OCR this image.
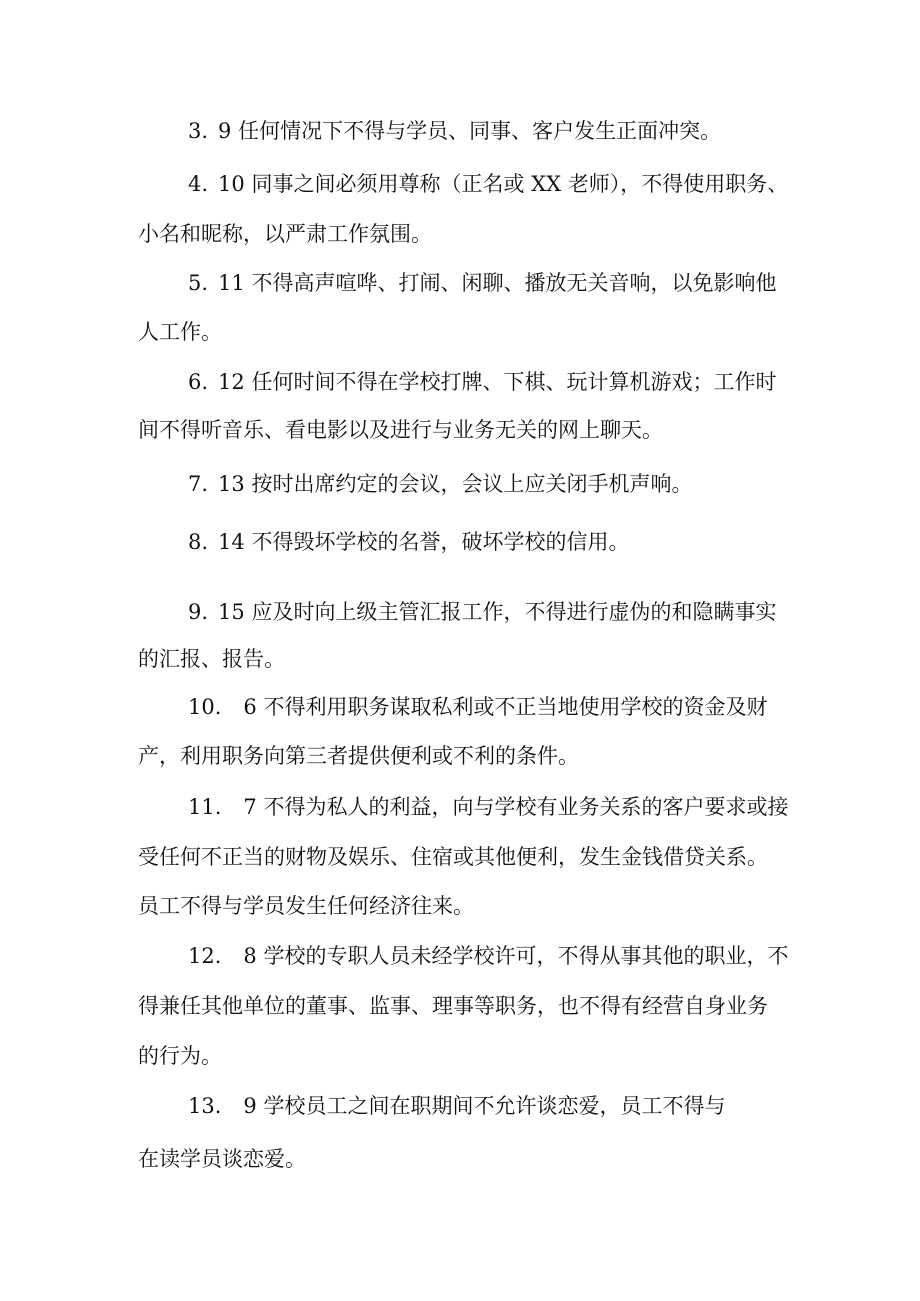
3. 9 任何情况下不得与学员、同事、客户发生正面冲突。
4. 10 同事之间必须用尊称（正名或 XX 老师），不得使用职务、
小名和昵称，以严肃工作氛围。
5. 11 不得高声喧哗、打闹、闲聊、播放无关音响，以免影响他
人工作。
6. 12 任何时间不得在学校打牌、下棋、玩计算机游戏；工作时
间不得听音乐、看电影以及进行与业务无关的网上聊天。
7. 13 按时出席约定的会议，会议上应关闭手机声响。
8. 14 不得毁坏学校的名誉，破坏学校的信用。
9. 15 应及时向上级主管汇报工作，不得进行虚伪的和隐瞒事实
的汇报、报告。
10. 6 不得利用职务谋取私利或不正当地使用学校的资金及财
产，利用职务向第三者提供便利或不利的条件。
11. 7 不得为私人的利益，向与学校有业务关系的客户要求或接
受任何不正当的财物及娱乐、住宿或其他便利，发生金钱借贷关系。
员工不得与学员发生任何经济往来。
12. 8 学校的专职人员未经学校许可，不得从事其他的职业，不
得兼任其他单位的董事、监事、理事等职务，也不得有经营自身业务
的行为。
13. 9 学校员工之间在职期间不允许谈恋爱，员工不得与
在读学员谈恋爱。
